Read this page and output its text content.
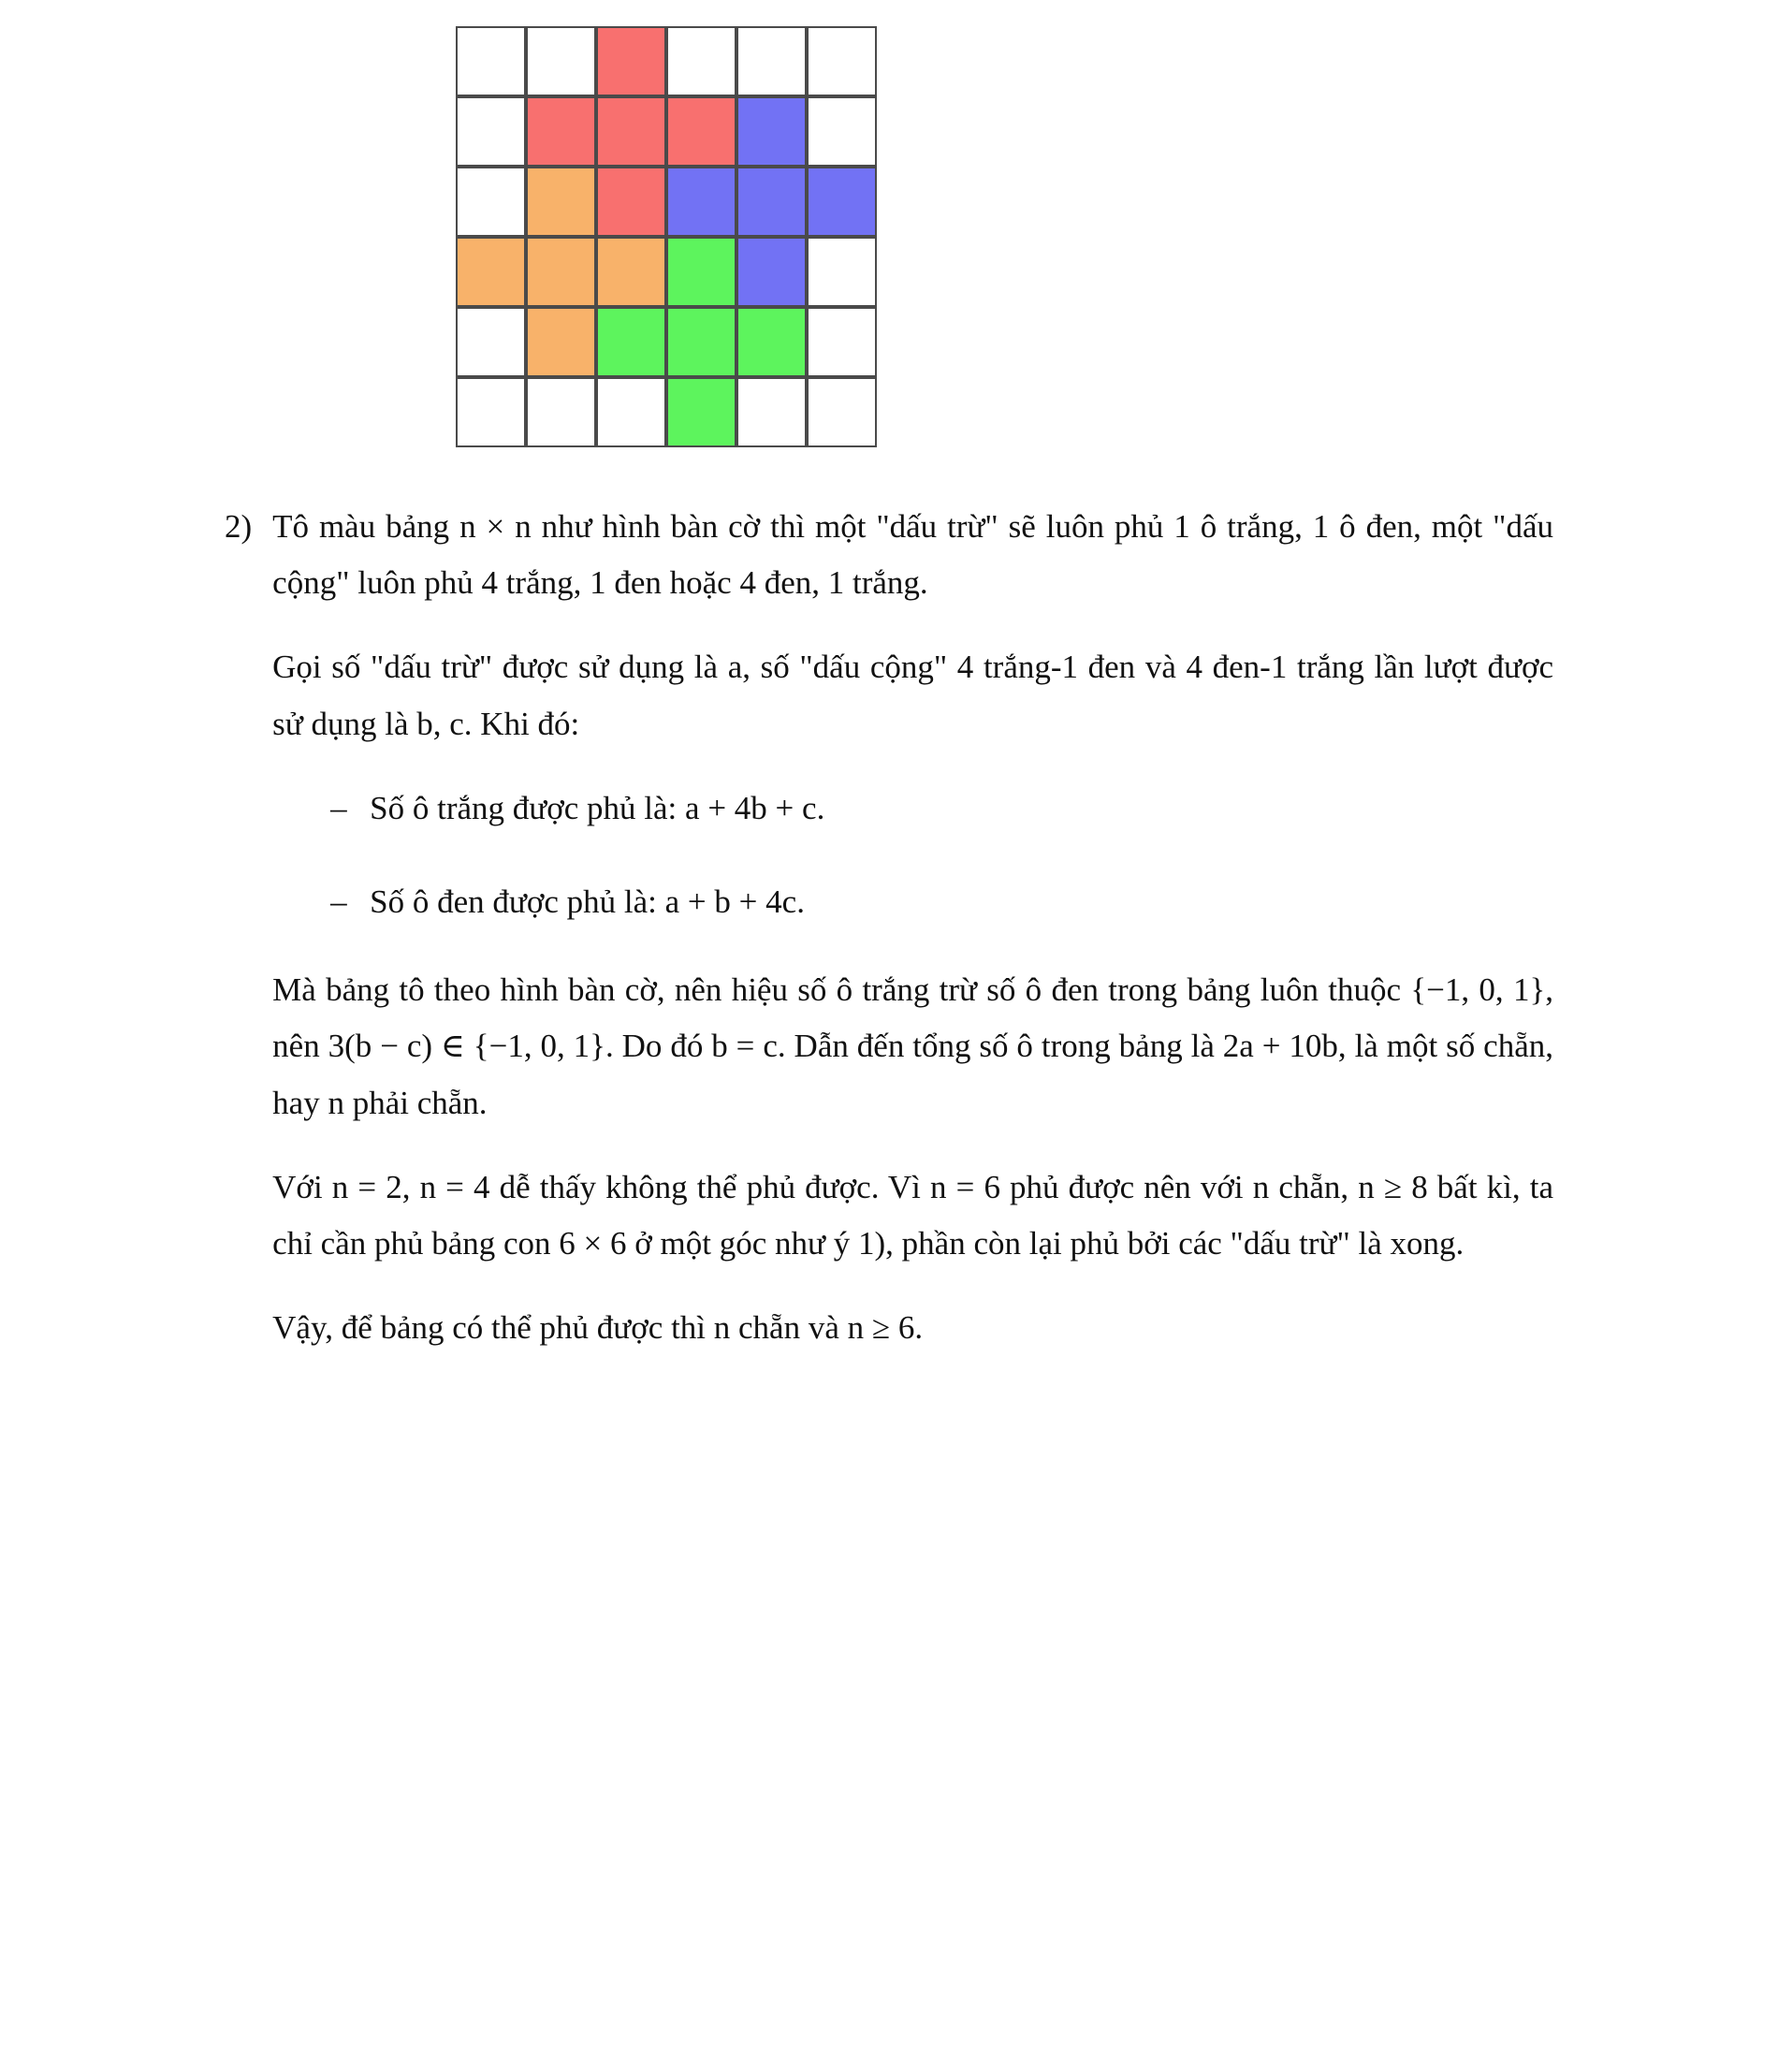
2) Tô màu bảng n × n như hình bàn cờ thì một "dấu trừ" sẽ luôn phủ 1 ô trắng, 1 ô đen, một "dấu cộng" luôn phủ 4 trắng, 1 đen hoặc 4 đen, 1 trắng.

Gọi số "dấu trừ" được sử dụng là a, số "dấu cộng" 4 trắng-1 đen và 4 đen-1 trắng lần lượt được sử dụng là b, c. Khi đó:

– Số ô trắng được phủ là: a + 4b + c.
– Số ô đen được phủ là: a + b + 4c.

Mà bảng tô theo hình bàn cờ, nên hiệu số ô trắng trừ số ô đen trong bảng luôn thuộc {−1, 0, 1}, nên 3(b − c) ∈ {−1, 0, 1}. Do đó b = c. Dẫn đến tổng số ô trong bảng là 2a + 10b, là một số chẵn, hay n phải chẵn.

Với n = 2, n = 4 dễ thấy không thể phủ được. Vì n = 6 phủ được nên với n chẵn, n ≥ 8 bất kì, ta chỉ cần phủ bảng con 6 × 6 ở một góc như ý 1), phần còn lại phủ bởi các "dấu trừ" là xong.

Vậy, để bảng có thể phủ được thì n chẵn và n ≥ 6.
